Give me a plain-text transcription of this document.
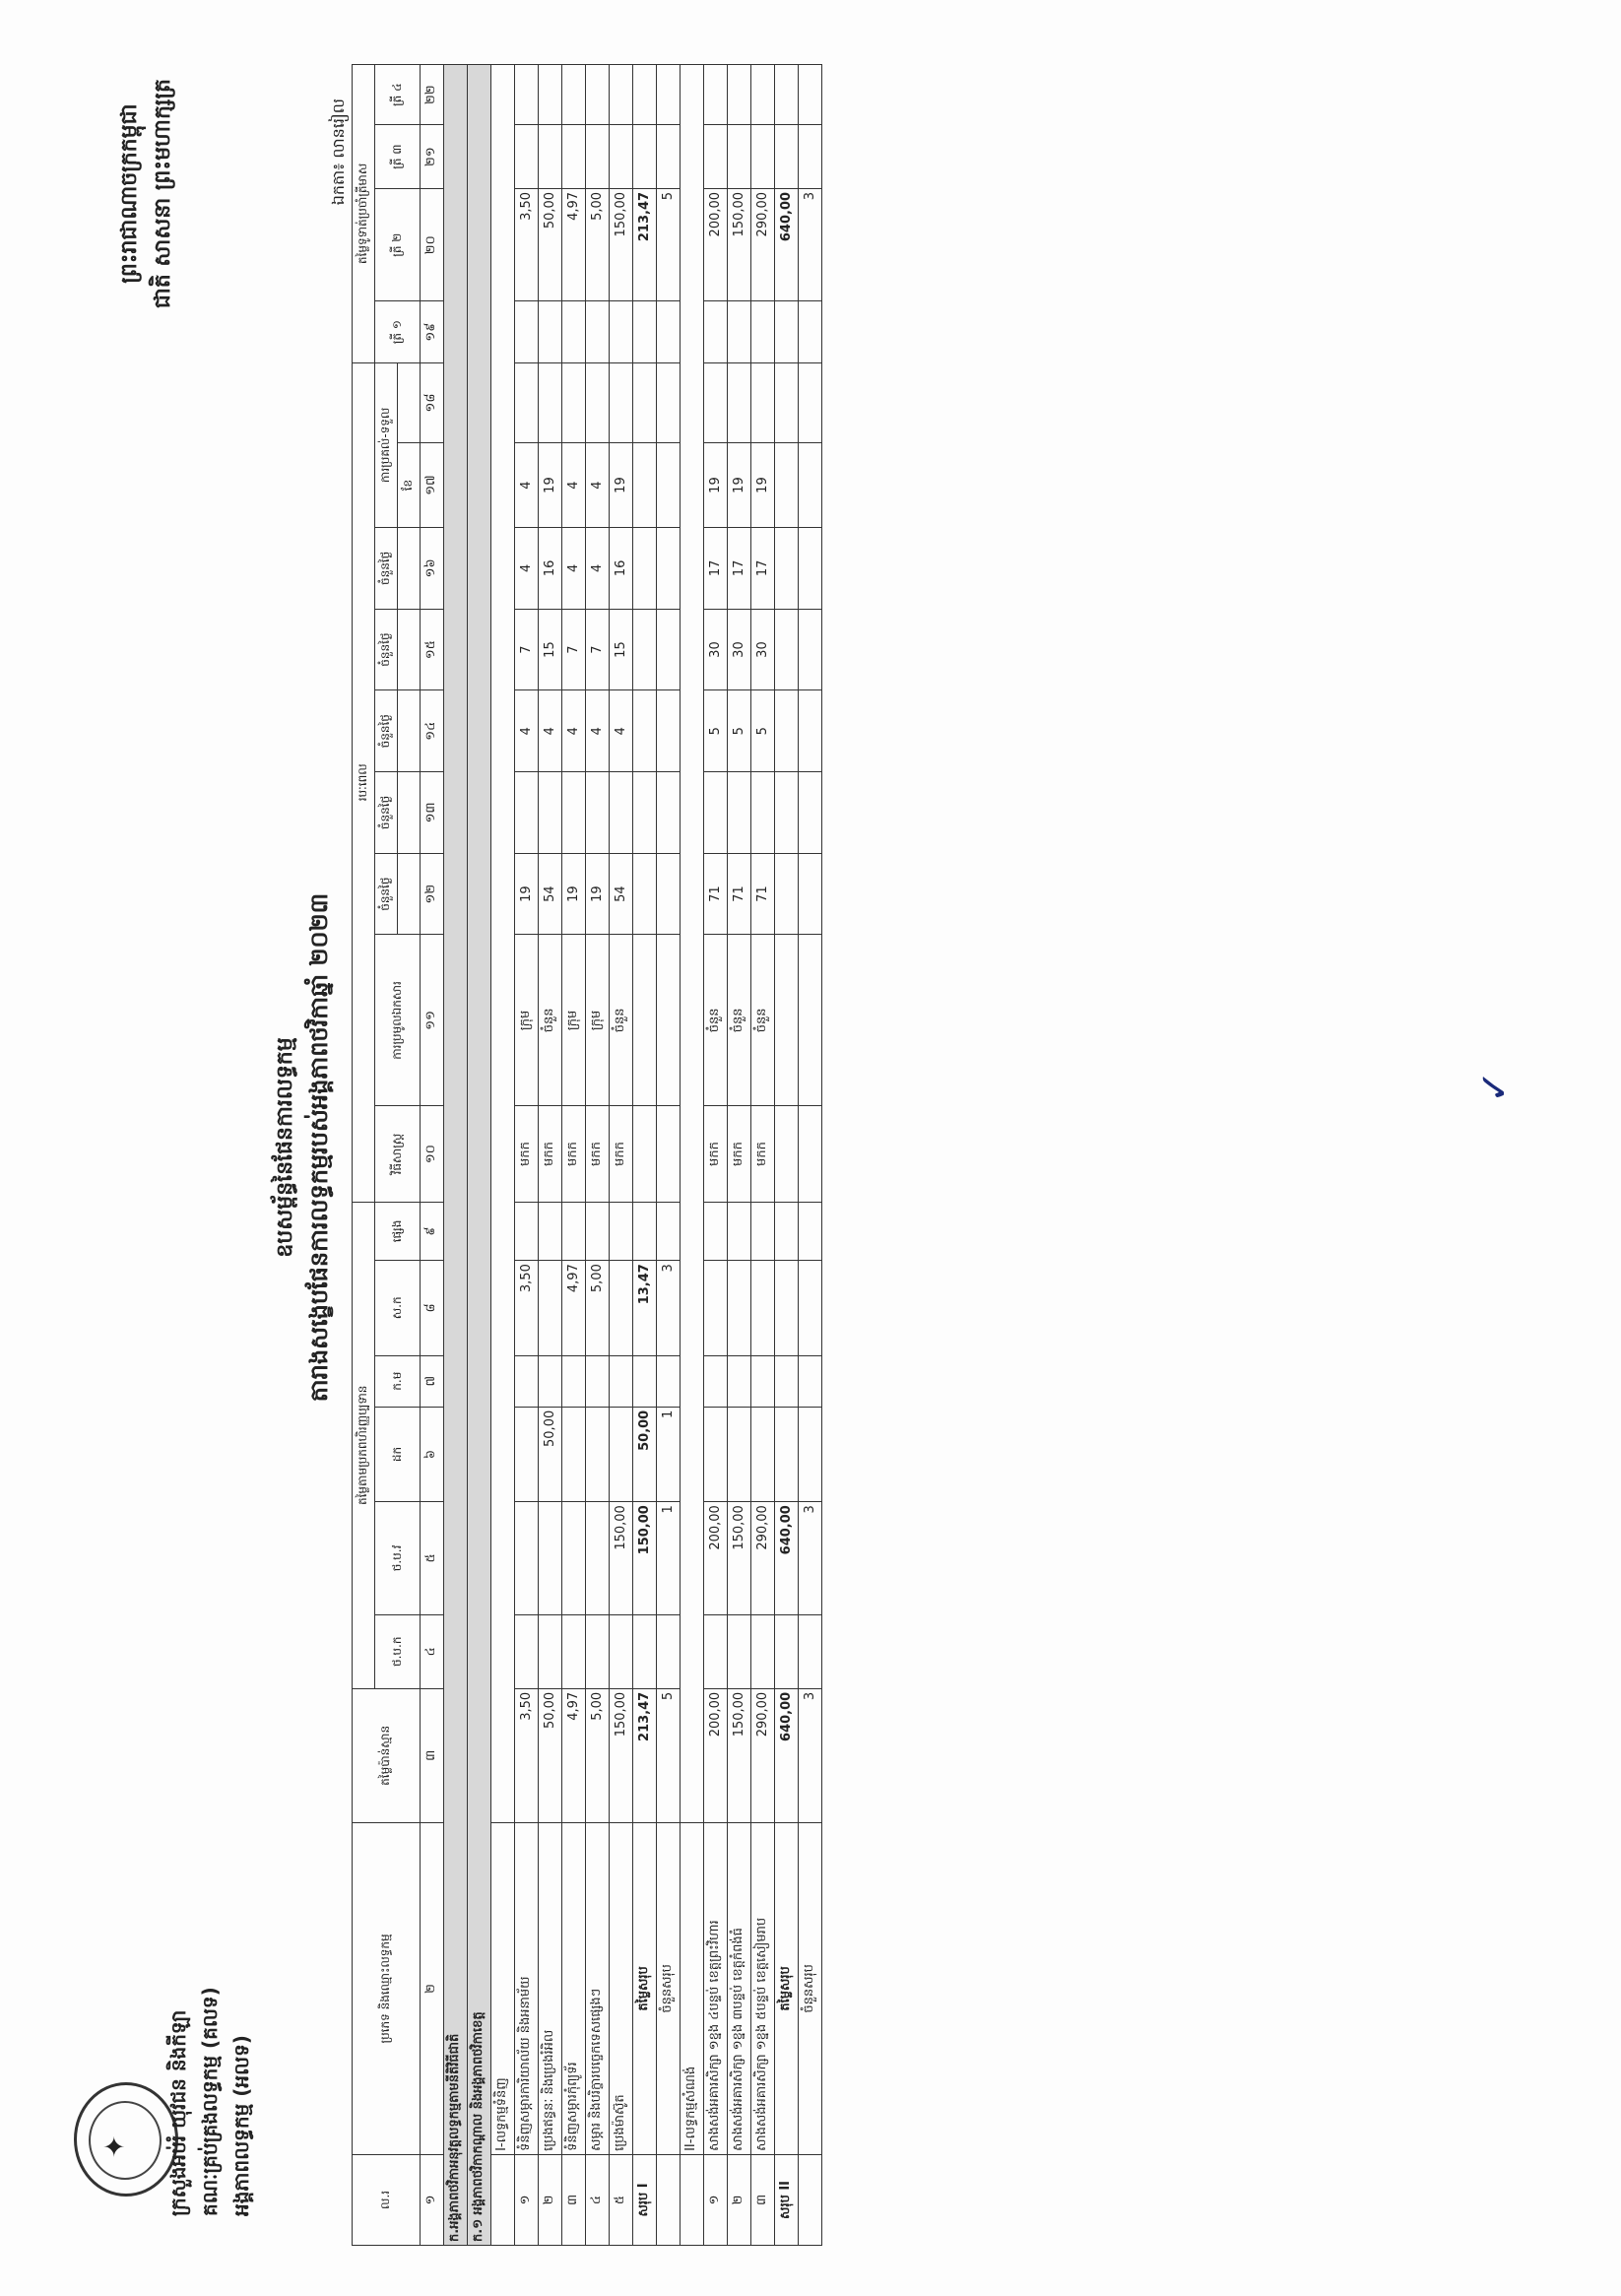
✦
ព្រះរាជាណាចក្រកម្ពុជា ជាតិ សាសនា ព្រះមហាក្សត្រ
ក្រសួងអប់រំ យុវជន និងកីឡា គណៈគ្រប់គ្រងលទ្ធកម្ម (គលទ) អង្គភាពលទ្ធកម្ម (អលទ)
ឧបសម្ព័ន្ធនៃផែនការលទ្ធកម្ម តារាងសង្ខេបផែនការលទ្ធកម្មរបស់អង្គភាពថវិកាឆ្នាំ ២០២៣
ឯកតា៖ លានរៀល
ល.រ	ប្រភេទ និងឈ្មោះលទ្ធកម្ម	តម្លៃប៉ាន់ស្មាន	តម្លៃតាមប្រភពហិរញ្ញប្បទាន						របៈពេល									តម្លៃទូទាត់ប្រចាំត្រីមាស			
			ថ.ប.ក	ថ.ប.វ	ដក	ក.ម	ស.ក	ផ្សេង	វិធីសាស្ត្រ	ការប្រមូលឯកសារ	ចំនួនថ្ងៃ	ចំនួនថ្ងៃ	ចំនួនថ្ងៃ	ចំនួនថ្ងៃ	ចំនួនថ្ងៃ	ការប្រគល់-ទទួល		ត្រី ១	ត្រី ២	ត្រី ៣	ត្រី ៤
																ខែ					
១	២	៣	៤	៥	៦	៧	៨	៩	១០	១១	១២	១៣	១៤	១៥	១៦	១៧	១៨	១៩	២០	២១	២២
ក.អង្គភាពថវិកាអនុវត្តលទ្ធកម្មតាមនីតិវិធីជាតិ																					
ក.១ អង្គភាពថវិកាកណ្តាល និងអង្គភាពថវិកាខេត្ត																					
	I-លទ្ធកម្មទំនិញ																				
១	ទំនិញសម្ភារការិយាល័យ និងអនាម័យ	3,50					3,50		មកក	ក្រុម	19		4	7	4	4			3,50		
២	ប្រេងឥន្ធនៈ និងប្រេងរំអិល	50,00			50,00				មកក	ចំនួន	54		4	15	16	19			50,00		
៣	ទំនិញសម្ភារកុំព្យូទ័រ	4,97					4,97		មកក	ក្រុម	19		4	7	4	4			4,97		
៤	សម្ភារ និងបរិក្ខារបច្ចេកទេសផ្សេងៗ	5,00					5,00		មកក	ក្រុម	19		4	7	4	4			5,00		
៥	ប្រេងម៉ាស៊ូត	150,00		150,00					មកក	ចំនួន	54		4	15	16	19			150,00		
សរុប I	តម្លៃសរុប	213,47		150,00	50,00		13,47												213,47		
	ចំនួនសរុប	5		1	1		3												5		
	II-លទ្ធកម្មសំណង់																				
១	សាងសង់អគារសិក្សា ១ខ្នង ៤បន្ទប់ ខេត្តព្រះវិហារ	200,00		200,00					មកក	ចំនួន	71		5	30	17	19			200,00		
២	សាងសង់អគារសិក្សា ១ខ្នង ៣បន្ទប់ ខេត្តកំពង់ធំ	150,00		150,00					មកក	ចំនួន	71		5	30	17	19			150,00		
៣	សាងសង់អគារសិក្សា ១ខ្នង ៥បន្ទប់ ខេត្តសៀមរាប	290,00		290,00					មកក	ចំនួន	71		5	30	17	19			290,00		
សរុប II	តម្លៃសរុប	640,00		640,00															640,00		
	ចំនួនសរុប	3		3															3		
✓
